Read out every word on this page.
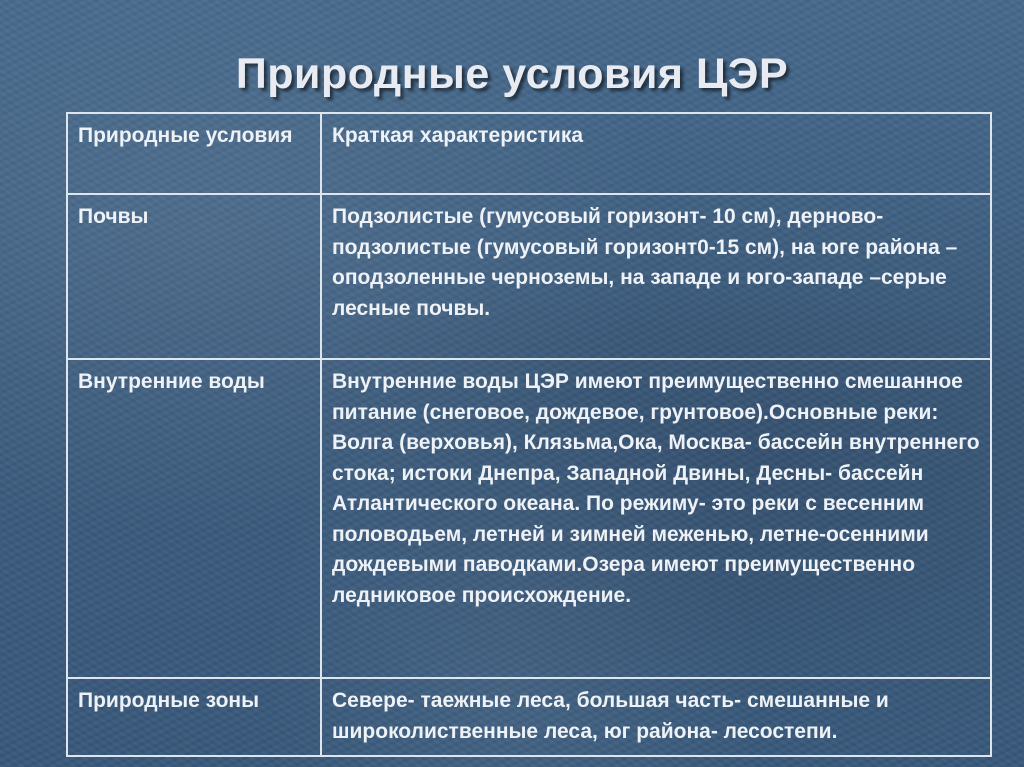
Природные условия ЦЭР
Природные условия	Краткая характеристика
Почвы	Подзолистые (гумусовый горизонт- 10 см), дерново-подзолистые (гумусовый горизонт0-15 см), на юге района – оподзоленные черноземы, на западе и юго-западе –серые лесные почвы.
Внутренние воды	Внутренние воды ЦЭР имеют преимущественно смешанное питание (снеговое, дождевое, грунтовое).Основные реки: Волга (верховья), Клязьма,Ока, Москва- бассейн внутреннего стока; истоки Днепра, Западной Двины, Десны- бассейн Атлантического океана. По режиму- это реки с весенним половодьем, летней и зимней меженью, летне-осенними дождевыми паводками.Озера имеют преимущественно ледниковое происхождение.
Природные зоны	Севере- таежные леса, большая часть- смешанные и широколиственные леса, юг района- лесостепи.
